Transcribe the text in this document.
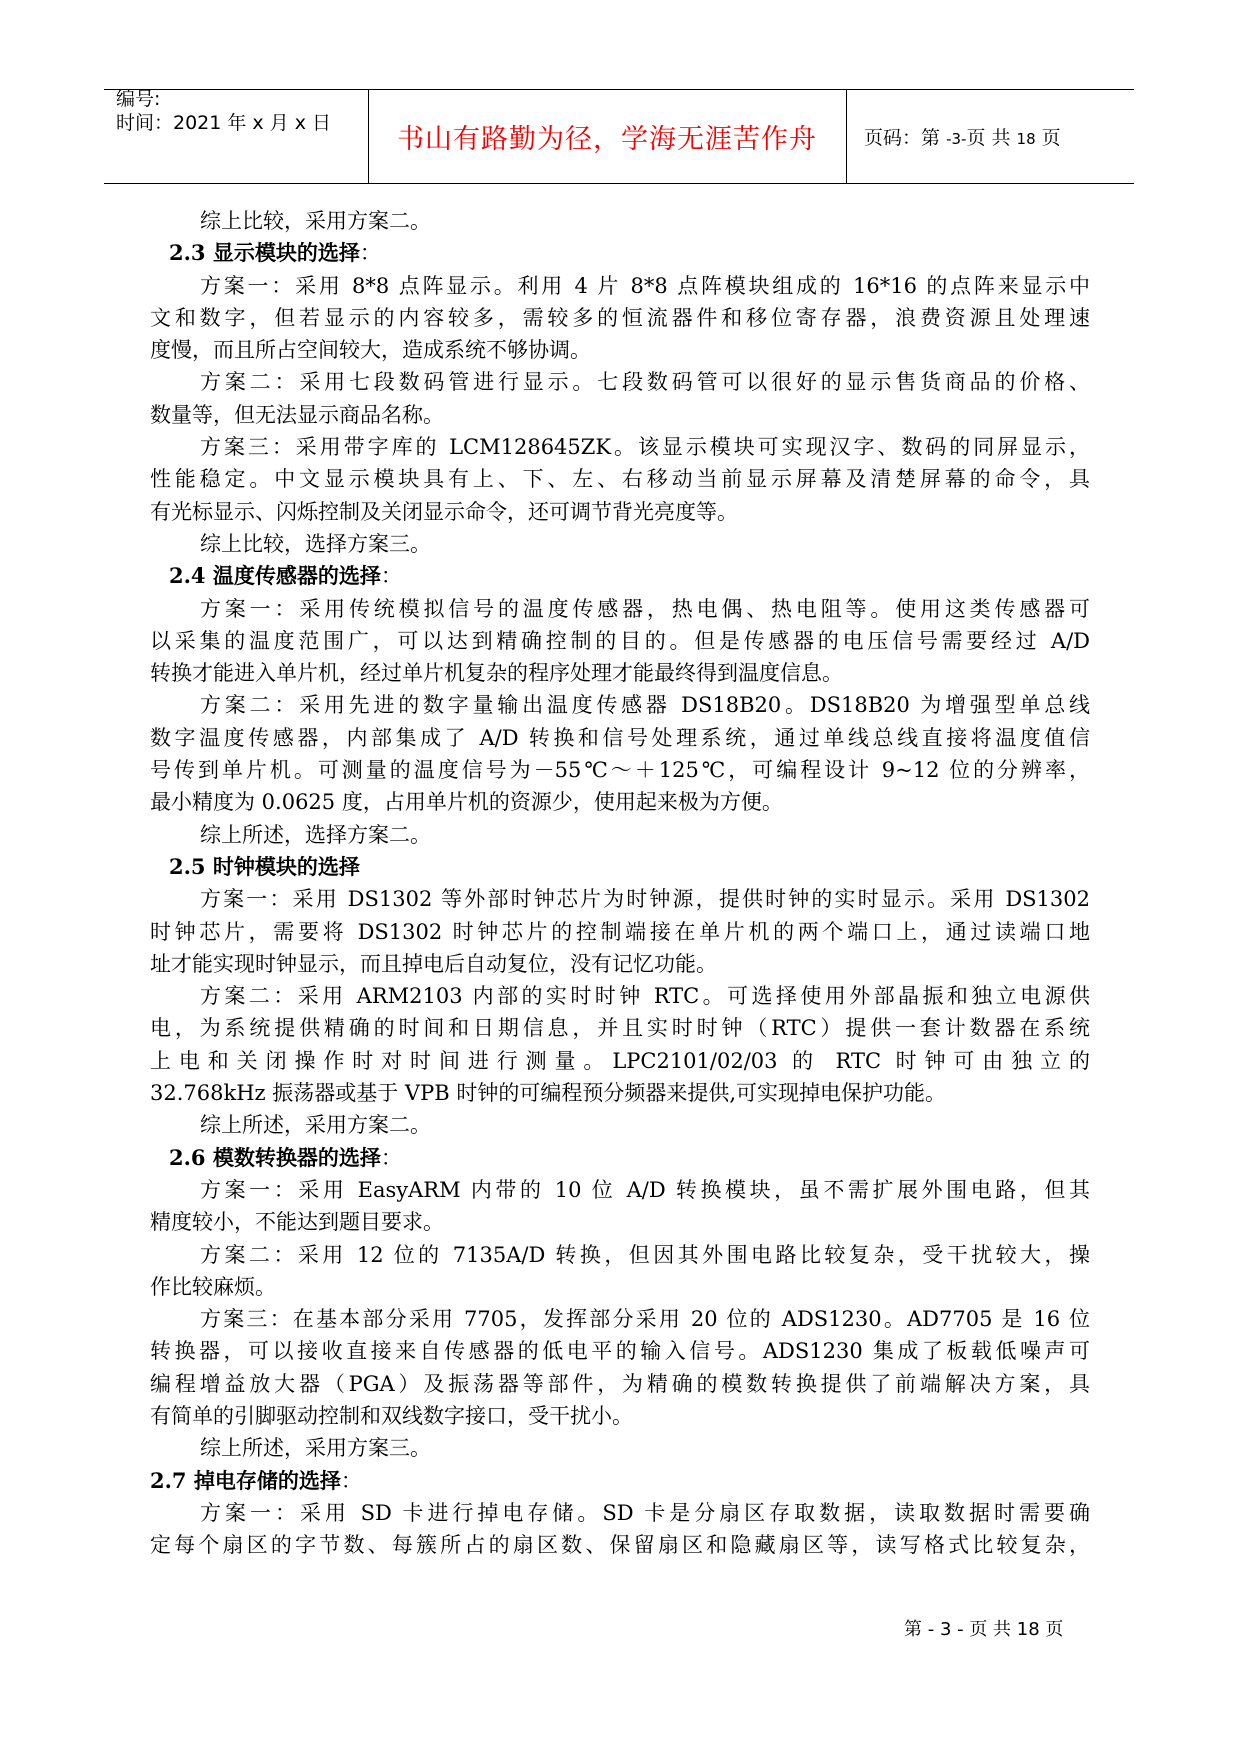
编号:
时间：2021 年 x 月 x 日
书山有路勤为径，学海无涯苦作舟 页码：第 -3-页 共 18 页
综上比较，采用方案二。
2.3 显示模块的选择：
方案一：采用 8*8 点阵显示。利用 4 片 8*8 点阵模块组成的 16*16 的点阵来显示中
文和数字，但若显示的内容较多，需较多的恒流器件和移位寄存器，浪费资源且处理速
度慢，而且所占空间较大，造成系统不够协调。
方案二：采用七段数码管进行显示。七段数码管可以很好的显示售货商品的价格、
数量等，但无法显示商品名称。
方案三：采用带字库的 LCM128645ZK。该显示模块可实现汉字、数码的同屏显示，
性能稳定。中文显示模块具有上、下、左、右移动当前显示屏幕及清楚屏幕的命令，具
有光标显示、闪烁控制及关闭显示命令，还可调节背光亮度等。
综上比较，选择方案三。
2.4 温度传感器的选择：
方案一：采用传统模拟信号的温度传感器，热电偶、热电阻等。使用这类传感器可
以采集的温度范围广，可以达到精确控制的目的。但是传感器的电压信号需要经过 A/D
转换才能进入单片机，经过单片机复杂的程序处理才能最终得到温度信息。
方案二：采用先进的数字量输出温度传感器 DS18B20。DS18B20 为增强型单总线
数字温度传感器，内部集成了 A/D 转换和信号处理系统，通过单线总线直接将温度值信
号传到单片机。可测量的温度信号为－55℃～＋125℃，可编程设计 9~12 位的分辨率，
最小精度为 0.0625 度，占用单片机的资源少，使用起来极为方便。
综上所述，选择方案二。
2.5 时钟模块的选择
方案一：采用 DS1302 等外部时钟芯片为时钟源，提供时钟的实时显示。采用 DS1302
时钟芯片，需要将 DS1302 时钟芯片的控制端接在单片机的两个端口上，通过读端口地
址才能实现时钟显示，而且掉电后自动复位，没有记忆功能。
方案二：采用 ARM2103 内部的实时时钟 RTC。可选择使用外部晶振和独立电源供
电，为系统提供精确的时间和日期信息，并且实时时钟（RTC）提供一套计数器在系统
上电和关闭操作时对时间进行测量。LPC2101/02/03 的 RTC 时钟可由独立的
32.768kHz 振荡器或基于 VPB 时钟的可编程预分频器来提供,可实现掉电保护功能。
综上所述，采用方案二。
2.6 模数转换器的选择：
方案一：采用 EasyARM 内带的 10 位 A/D 转换模块，虽不需扩展外围电路，但其
精度较小，不能达到题目要求。
方案二：采用 12 位的 7135A/D 转换，但因其外围电路比较复杂，受干扰较大，操
作比较麻烦。
方案三：在基本部分采用 7705，发挥部分采用 20 位的 ADS1230。AD7705 是 16 位
转换器，可以接收直接来自传感器的低电平的输入信号。ADS1230 集成了板载低噪声可
编程增益放大器（PGA）及振荡器等部件，为精确的模数转换提供了前端解决方案，具
有简单的引脚驱动控制和双线数字接口，受干扰小。
综上所述，采用方案三。
2.7 掉电存储的选择：
方案一：采用 SD 卡进行掉电存储。SD 卡是分扇区存取数据，读取数据时需要确
定每个扇区的字节数、每簇所占的扇区数、保留扇区和隐藏扇区等，读写格式比较复杂，
第 - 3 - 页 共 18 页
